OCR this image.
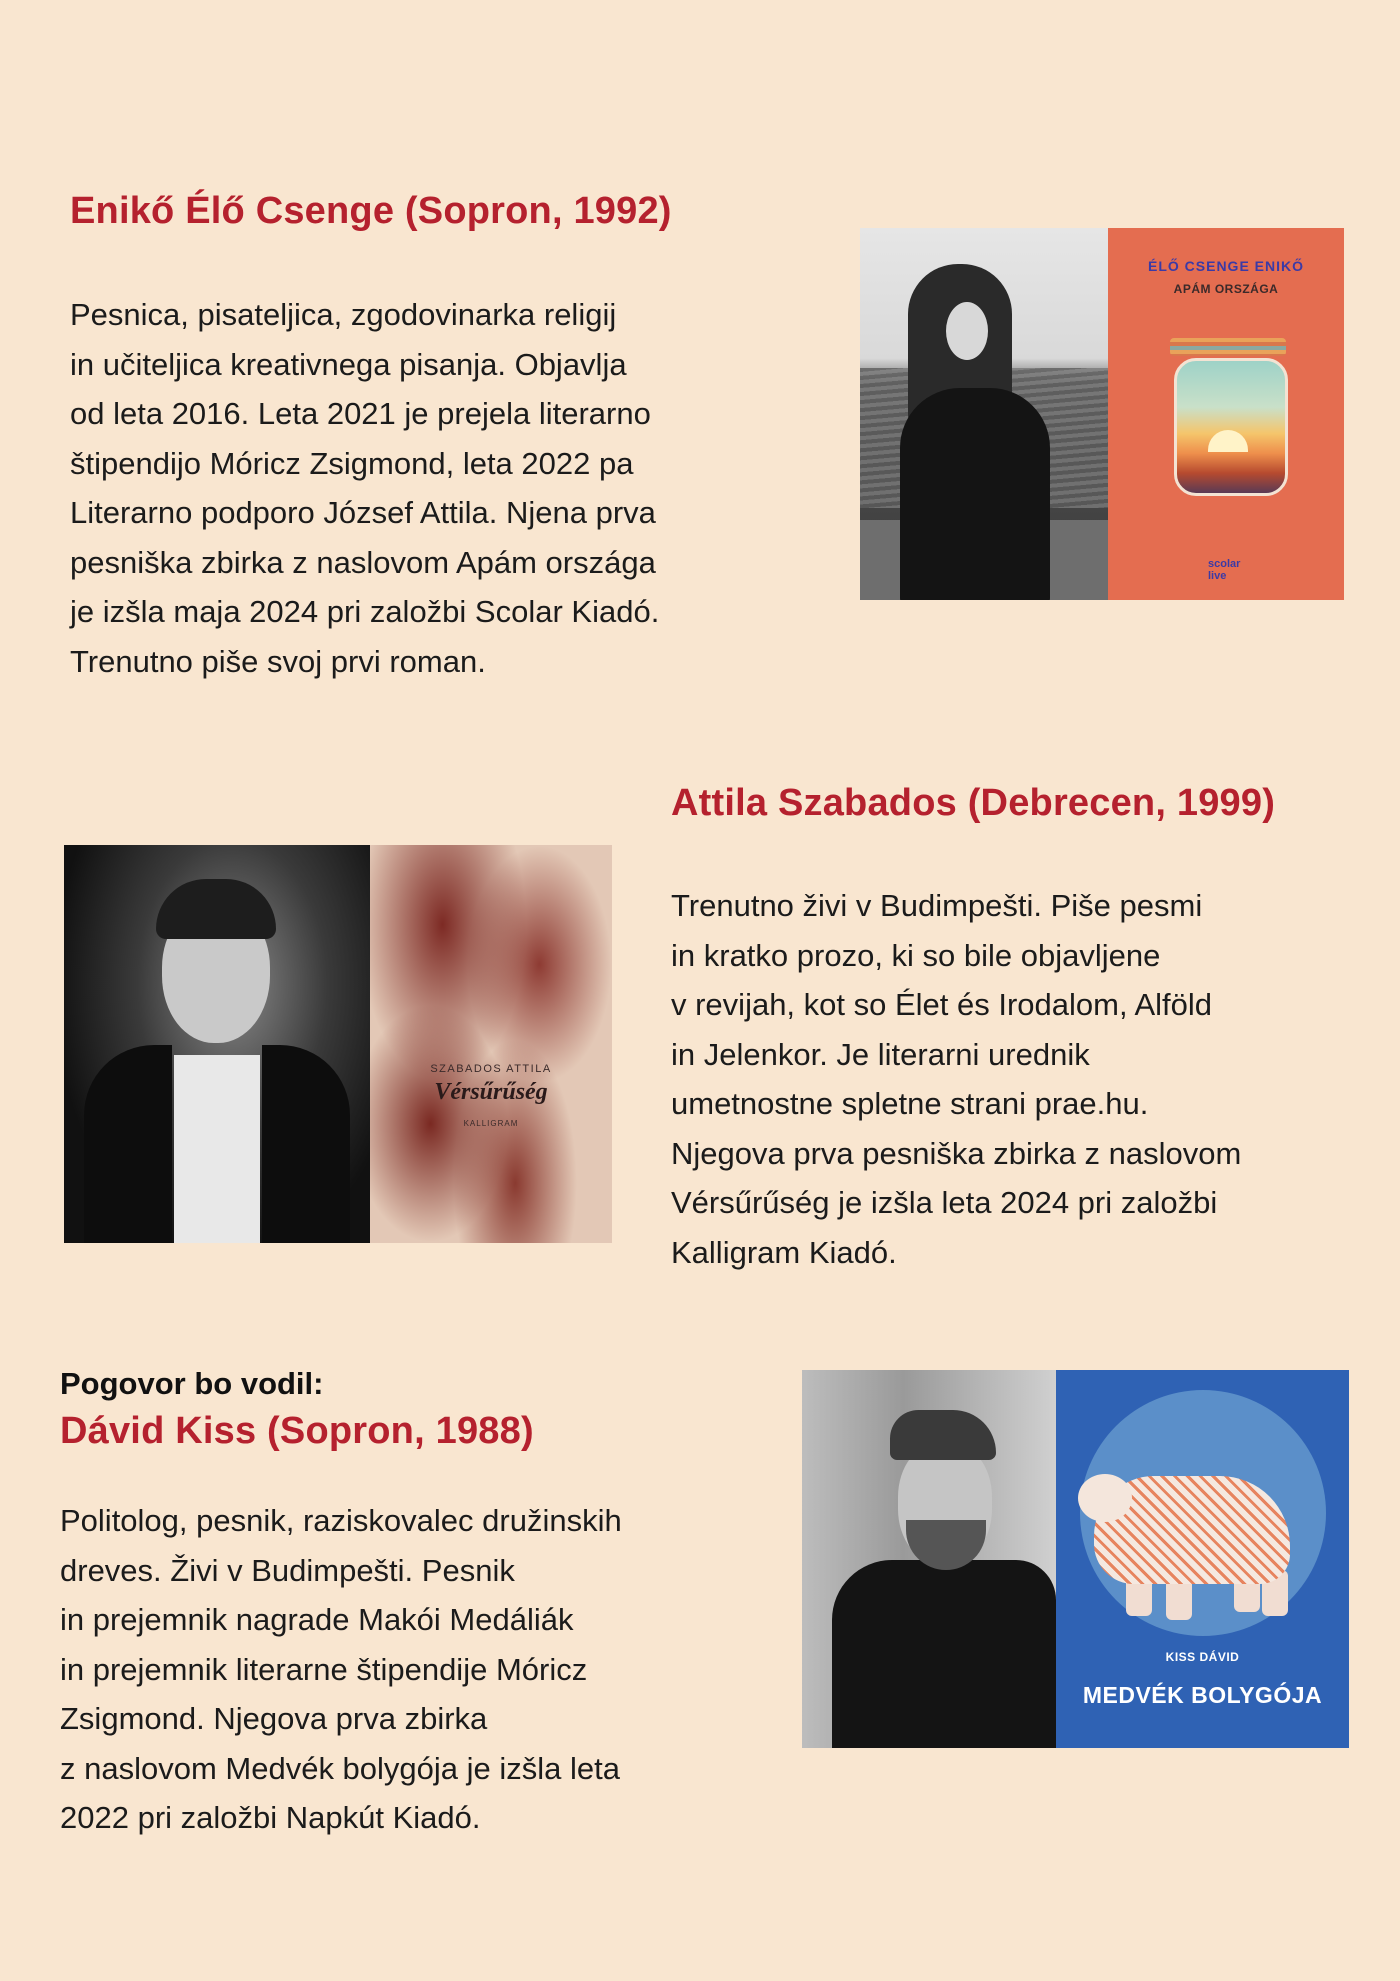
Enikő Élő Csenge (Sopron, 1992)

Pesnica, pisateljica, zgodovinarka religij
in učiteljica kreativnega pisanja. Objavlja
od leta 2016. Leta 2021 je prejela literarno
štipendijo Móricz Zsigmond, leta 2022 pa
Literarno podporo József Attila. Njena prva
pesniška zbirka z naslovom Apám országa
je izšla maja 2024 pri založbi Scolar Kiadó.
Trenutno piše svoj prvi roman.

ÉLŐ CSENGE ENIKŐ
APÁM ORSZÁGA
scolar
live
Attila Szabados (Debrecen, 1999)

Trenutno živi v Budimpešti. Piše pesmi
in kratko prozo, ki so bile objavljene
v revijah, kot so Élet és Irodalom, Alföld
in Jelenkor. Je literarni urednik
umetnostne spletne strani prae.hu.
Njegova prva pesniška zbirka z naslovom
Vérsűrűség je izšla leta 2024 pri založbi
Kalligram Kiadó.

SZABADOS ATTILA
Vérsűrűség
KALLIGRAM
Pogovor bo vodil:
Dávid Kiss (Sopron, 1988)

Politolog, pesnik, raziskovalec družinskih
dreves. Živi v Budimpešti. Pesnik
in prejemnik nagrade Makói Medáliák
in prejemnik literarne štipendije Móricz
Zsigmond. Njegova prva zbirka
z naslovom Medvék bolygója je izšla leta
2022 pri založbi Napkút Kiadó.

KISS DÁVID
MEDVÉK BOLYGÓJA
